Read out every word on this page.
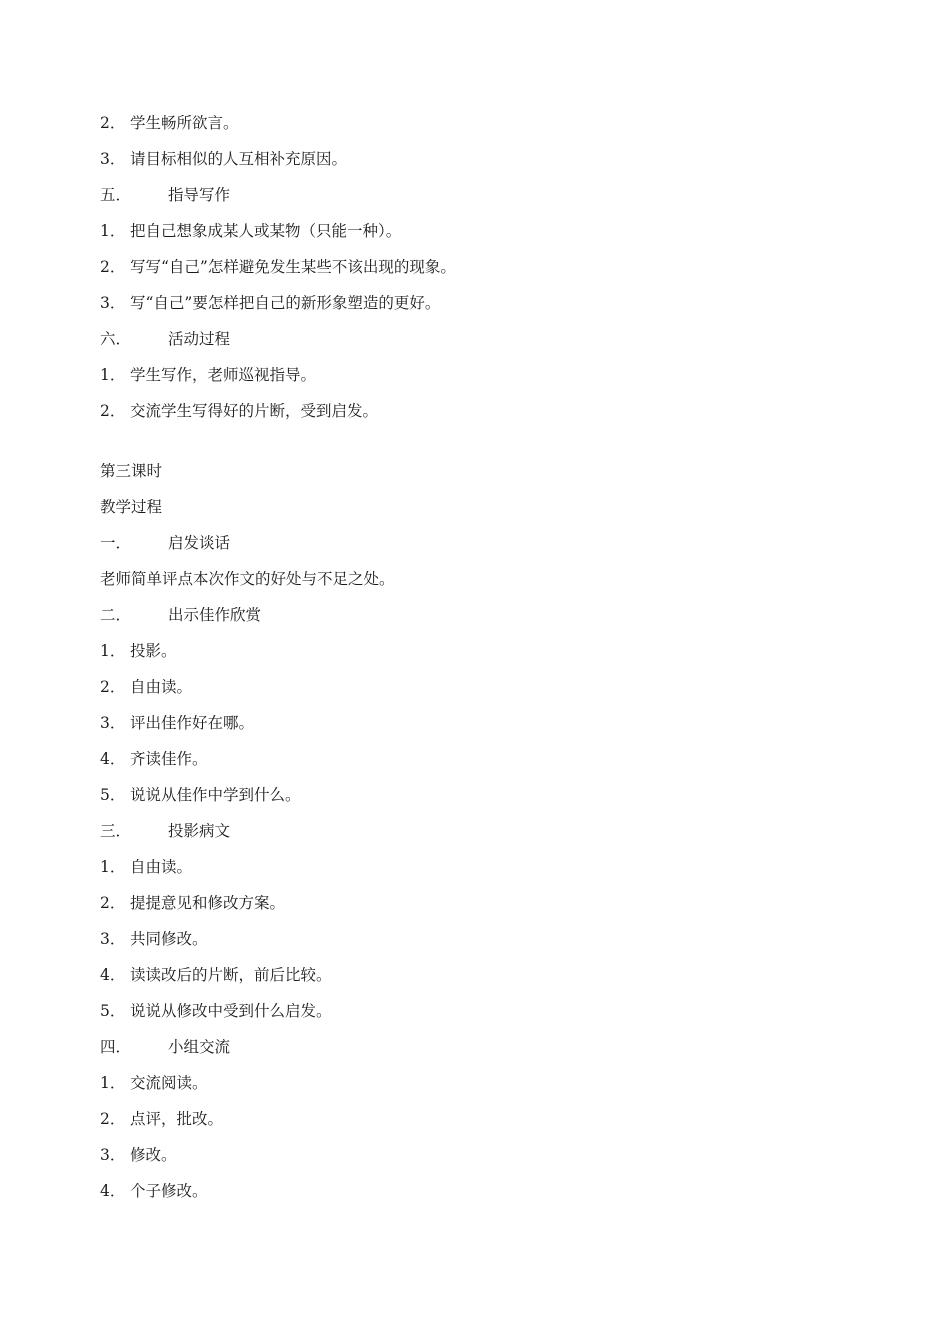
2． 学生畅所欲言。
3． 请目标相似的人互相补充原因。
五． 指导写作
1． 把自己想象成某人或某物（只能一种）。
2． 写写“自己”怎样避免发生某些不该出现的现象。
3． 写“自己”要怎样把自己的新形象塑造的更好。
六． 活动过程
1． 学生写作，老师巡视指导。
2． 交流学生写得好的片断，受到启发。
第三课时
教学过程
一． 启发谈话
老师简单评点本次作文的好处与不足之处。
二． 出示佳作欣赏
1． 投影。
2． 自由读。
3． 评出佳作好在哪。
4． 齐读佳作。
5． 说说从佳作中学到什么。
三． 投影病文
1． 自由读。
2． 提提意见和修改方案。
3． 共同修改。
4． 读读改后的片断，前后比较。
5． 说说从修改中受到什么启发。
四． 小组交流
1． 交流阅读。
2． 点评，批改。
3． 修改。
4． 个子修改。
